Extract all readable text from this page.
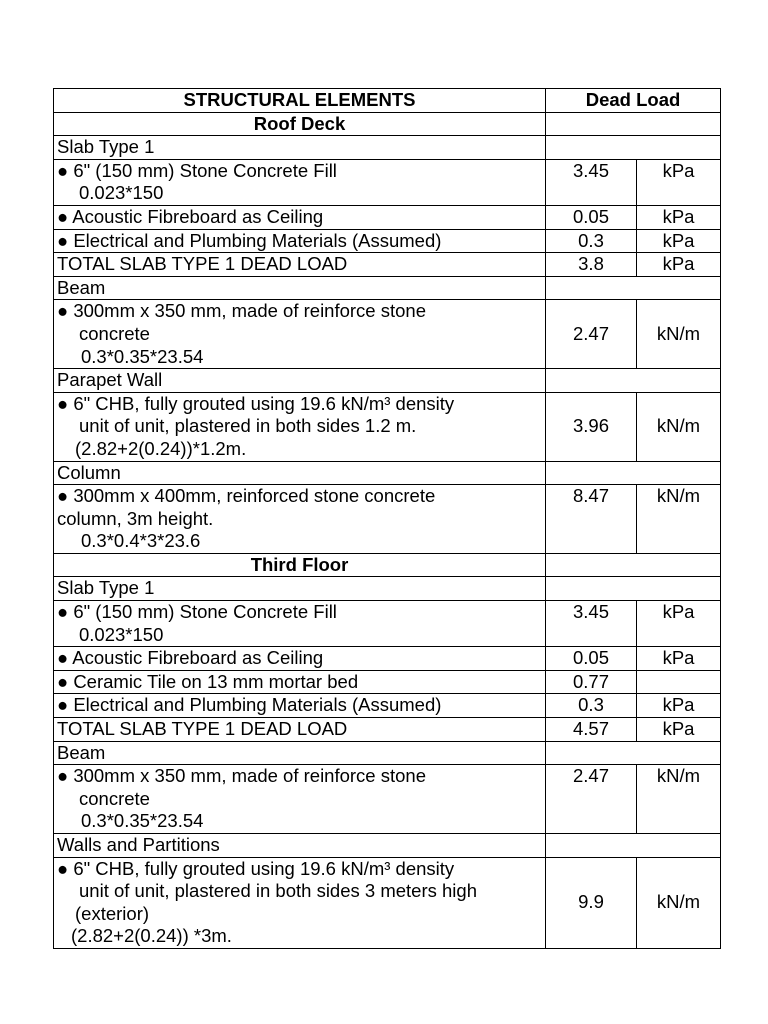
STRUCTURAL ELEMENTS	Dead Load	
Roof Deck		
Slab Type 1		

● 6" (150 mm) Stone Concrete Fill
0.023*150	3.45	kPa
● Acoustic Fibreboard as Ceiling	0.05	kPa
● Electrical and Plumbing Materials (Assumed)	0.3	kPa
TOTAL SLAB TYPE 1 DEAD LOAD	3.8	kPa
Beam		

● 300mm x 350 mm, made of reinforce stone
concrete
0.3*0.35*23.54	2.47	kN/m
Parapet Wall		

● 6" CHB, fully grouted using 19.6 kN/m³ density
unit of unit, plastered in both sides 1.2 m.
(2.82+2(0.24))*1.2m.	3.96	kN/m
Column		

● 300mm x 400mm, reinforced stone concrete
column, 3m height.
0.3*0.4*3*23.6	8.47	kN/m
Third Floor		
Slab Type 1		

● 6" (150 mm) Stone Concrete Fill
0.023*150	3.45	kPa
● Acoustic Fibreboard as Ceiling	0.05	kPa
● Ceramic Tile on 13 mm mortar bed	0.77	
● Electrical and Plumbing Materials (Assumed)	0.3	kPa
TOTAL SLAB TYPE 1 DEAD LOAD	4.57	kPa
Beam		

● 300mm x 350 mm, made of reinforce stone
concrete
0.3*0.35*23.54	2.47	kN/m
Walls and Partitions		

● 6" CHB, fully grouted using 19.6 kN/m³ density
unit of unit, plastered in both sides 3 meters high
(exterior)
(2.82+2(0.24)) *3m.	9.9	kN/m
